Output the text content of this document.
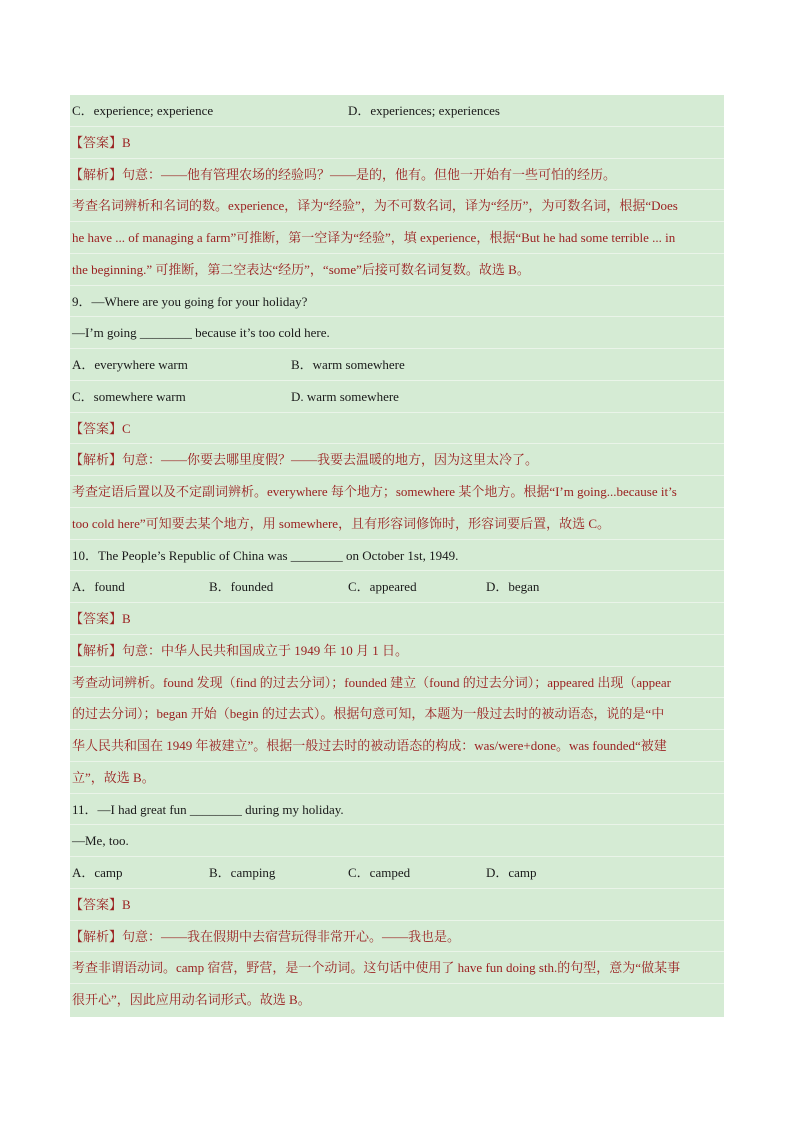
C．experience; experience	D．experiences; experiences
【答案】B
【解析】句意：——他有管理农场的经验吗？——是的，他有。但他一开始有一些可怕的经历。
考查名词辨析和名词的数。experience，译为“经验”，为不可数名词，译为“经历”，为可数名词，根据“Does
he have ... of managing a farm”可推断，第一空译为“经验”，填 experience，根据“But he had some terrible ... in
the beginning.” 可推断，第二空表达“经历”，“some”后接可数名词复数。故选 B。
9．—Where are you going for your holiday?
—I’m going ________ because it’s too cold here.
A．everywhere warm	B．warm somewhere
C．somewhere warm	D. warm somewhere
【答案】C
【解析】句意：——你要去哪里度假？——我要去温暖的地方，因为这里太冷了。
考查定语后置以及不定副词辨析。everywhere 每个地方；somewhere 某个地方。根据“I’m going...because it’s
too cold here”可知要去某个地方，用 somewhere，且有形容词修饰时，形容词要后置，故选 C。
10．The People’s Republic of China was ________ on October 1st, 1949.
A．found	B．founded	C．appeared	D．began
【答案】B
【解析】句意：中华人民共和国成立于 1949 年 10 月 1 日。
考查动词辨析。found 发现（find 的过去分词）；founded 建立（found 的过去分词）；appeared 出现（appear
的过去分词）；began 开始（begin 的过去式）。根据句意可知，本题为一般过去时的被动语态，说的是“中
华人民共和国在 1949 年被建立”。根据一般过去时的被动语态的构成：was/were+done。was founded“被建
立”，故选 B。
11．—I had great fun ________ during my holiday.
—Me, too.
A．camp	B．camping	C．camped	D．camp
【答案】B
【解析】句意：——我在假期中去宿营玩得非常开心。——我也是。
考查非谓语动词。camp 宿营，野营，是一个动词。这句话中使用了 have fun doing sth.的句型，意为“做某事
很开心”，因此应用动名词形式。故选 B。
